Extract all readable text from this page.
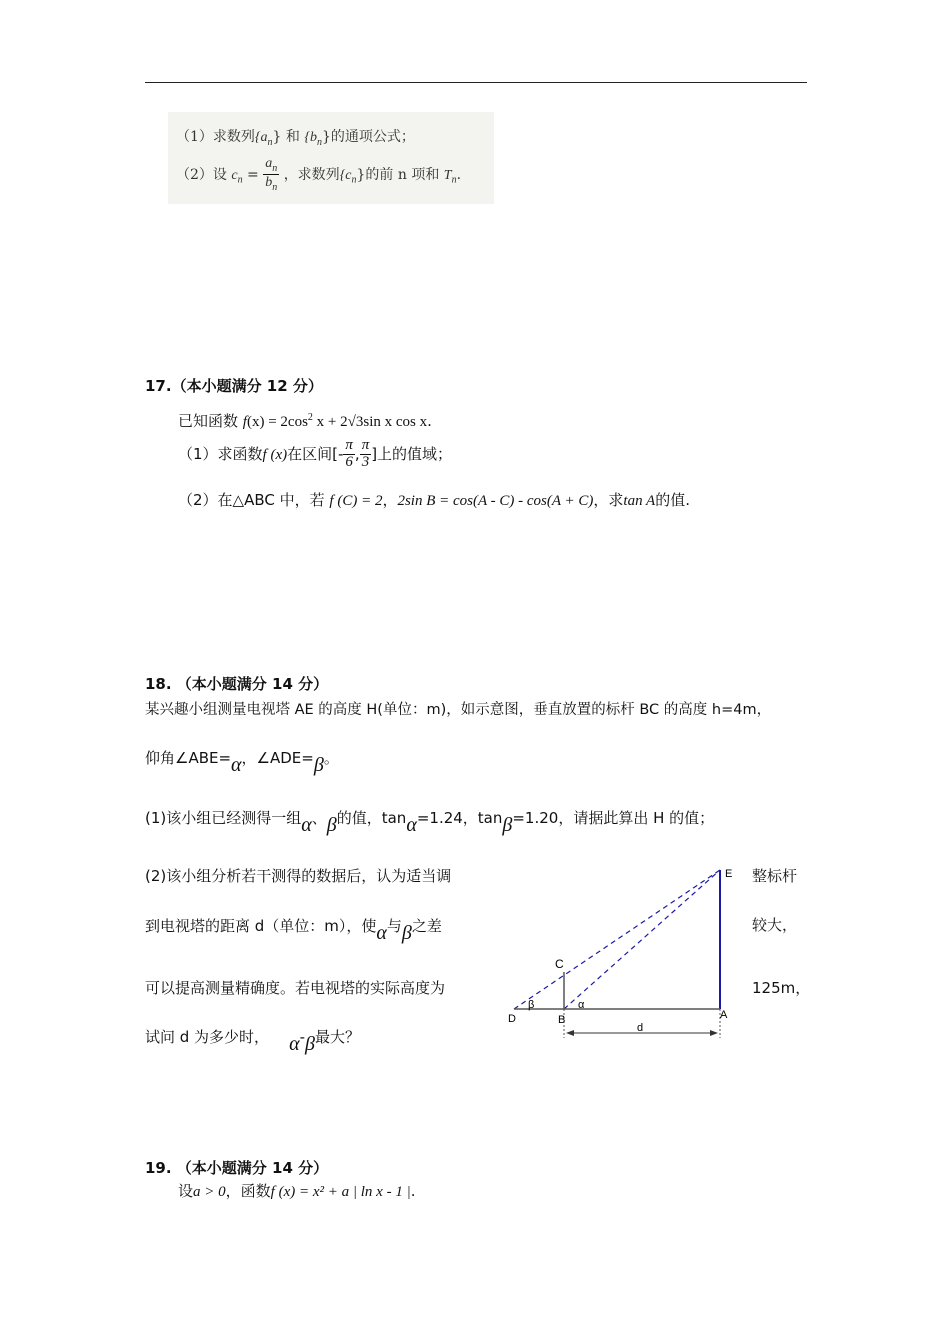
（1）求数列$\{a_n\}$ 和 $\{b_n\}$的通项公式；
（2）设 $c_n = \frac{a_n}{b_n}$ ，求数列$\{c_n\}$的前 n 项和 $T_n$.
17.（本小题满分 12 分）
已知函数 $f(x) = 2\cos^2$ x + 2√3sin x cos x.
（1）求函数f (x)在区间[- $\frac{\pi}{6}$ , $\frac{\pi}{3}$ ]上的值域；
（2）在△ABC 中，若 f (C) = 2，2sin B = cos(A - C) - cos(A + C)，求tan A的值.
18. （本小题满分 14 分）
某兴趣小组测量电视塔 AE 的高度 H(单位：m)，如示意图，垂直放置的标杆 BC 的高度 h=4m，
仰角∠ABE=α，∠ADE=β。
(1)该小组已经测得一组α、β的值，tanα=1.24，tanβ=1.20，请据此算出 H 的值；
(2)该小组分析若干测得的数据后，认为适当调	整标杆
到电视塔的距离 d（单位：m），使α与β之差	较大，
可以提高测量精确度。若电视塔的实际高度为	125m，
试问 d 为多少时， α-β最大？
E
C
D	B	A
d
β	α
19. （本小题满分 14 分）
设a > 0，函数f (x) = x² + a | ln x - 1 |.
